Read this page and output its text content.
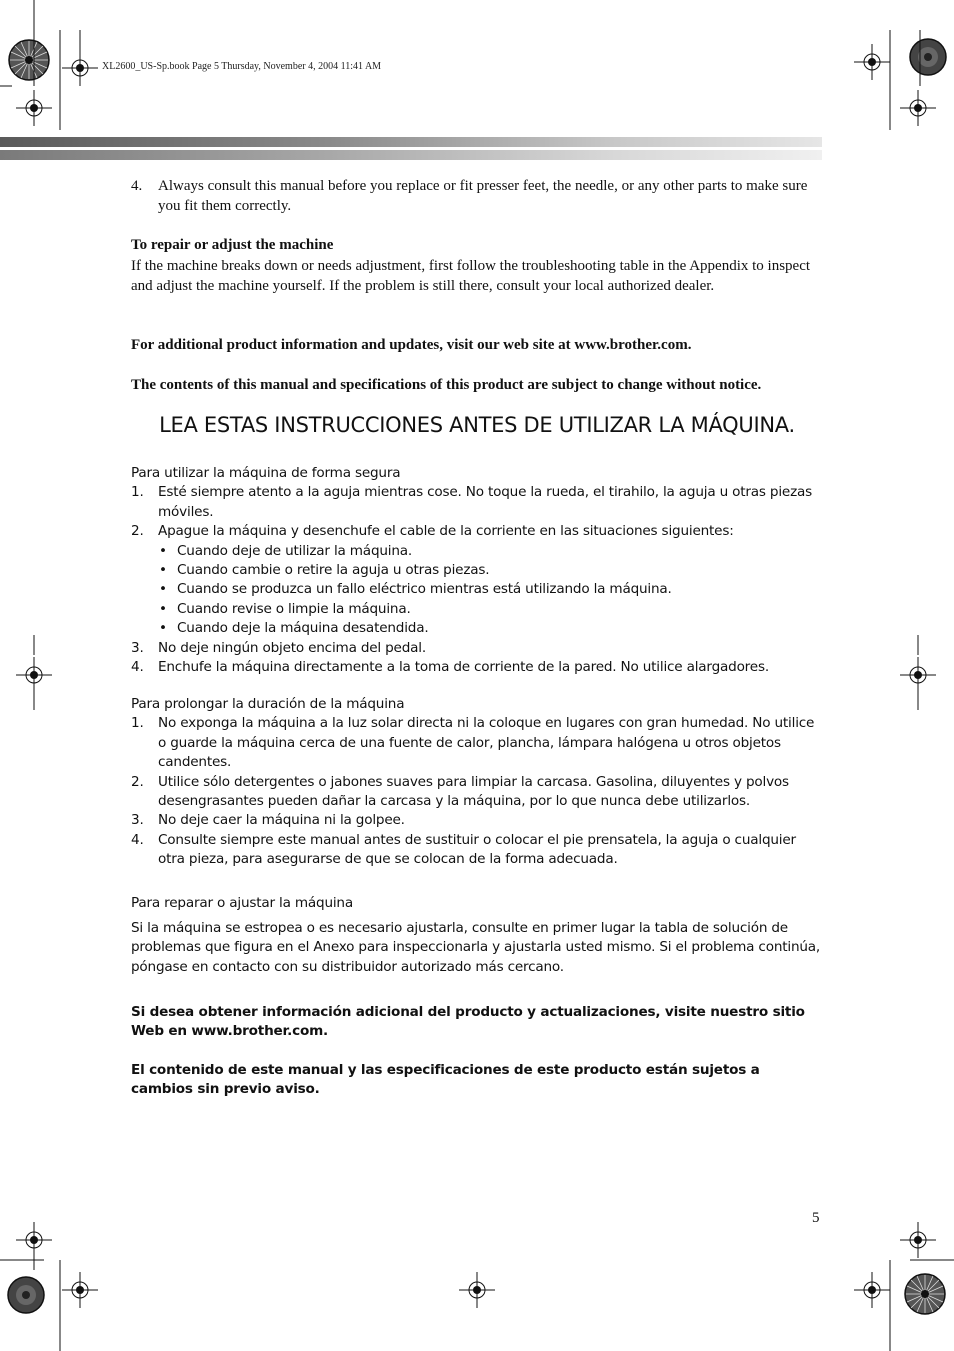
XL2600_US-Sp.book Page 5 Thursday, November 4, 2004 11:41 AM
4. Always consult this manual before you replace or fit presser feet, the needle, or any other parts to make sure you fit them correctly.
To repair or adjust the machine
If the machine breaks down or needs adjustment, first follow the troubleshooting table in the Appendix to inspect and adjust the machine yourself. If the problem is still there, consult your local authorized dealer.
For additional product information and updates, visit our web site at www.brother.com.
The contents of this manual and specifications of this product are subject to change without notice.
LEA ESTAS INSTRUCCIONES ANTES DE UTILIZAR LA MÁQUINA.
Para utilizar la máquina de forma segura
1. Esté siempre atento a la aguja mientras cose. No toque la rueda, el tirahilo, la aguja u otras piezas móviles.
2. Apague la máquina y desenchufe el cable de la corriente en las situaciones siguientes:
• Cuando deje de utilizar la máquina.
• Cuando cambie o retire la aguja u otras piezas.
• Cuando se produzca un fallo eléctrico mientras está utilizando la máquina.
• Cuando revise o limpie la máquina.
• Cuando deje la máquina desatendida.
3. No deje ningún objeto encima del pedal.
4. Enchufe la máquina directamente a la toma de corriente de la pared. No utilice alargadores.
Para prolongar la duración de la máquina
1. No exponga la máquina a la luz solar directa ni la coloque en lugares con gran humedad. No utilice o guarde la máquina cerca de una fuente de calor, plancha, lámpara halógena u otros objetos candentes.
2. Utilice sólo detergentes o jabones suaves para limpiar la carcasa. Gasolina, diluyentes y polvos desengrasantes pueden dañar la carcasa y la máquina, por lo que nunca debe utilizarlos.
3. No deje caer la máquina ni la golpee.
4. Consulte siempre este manual antes de sustituir o colocar el pie prensatela, la aguja o cualquier otra pieza, para asegurarse de que se colocan de la forma adecuada.
Para reparar o ajustar la máquina
Si la máquina se estropea o es necesario ajustarla, consulte en primer lugar la tabla de solución de problemas que figura en el Anexo para inspeccionarla y ajustarla usted mismo. Si el problema continúa, póngase en contacto con su distribuidor autorizado más cercano.
Si desea obtener información adicional del producto y actualizaciones, visite nuestro sitio Web en www.brother.com.
El contenido de este manual y las especificaciones de este producto están sujetos a cambios sin previo aviso.
5
